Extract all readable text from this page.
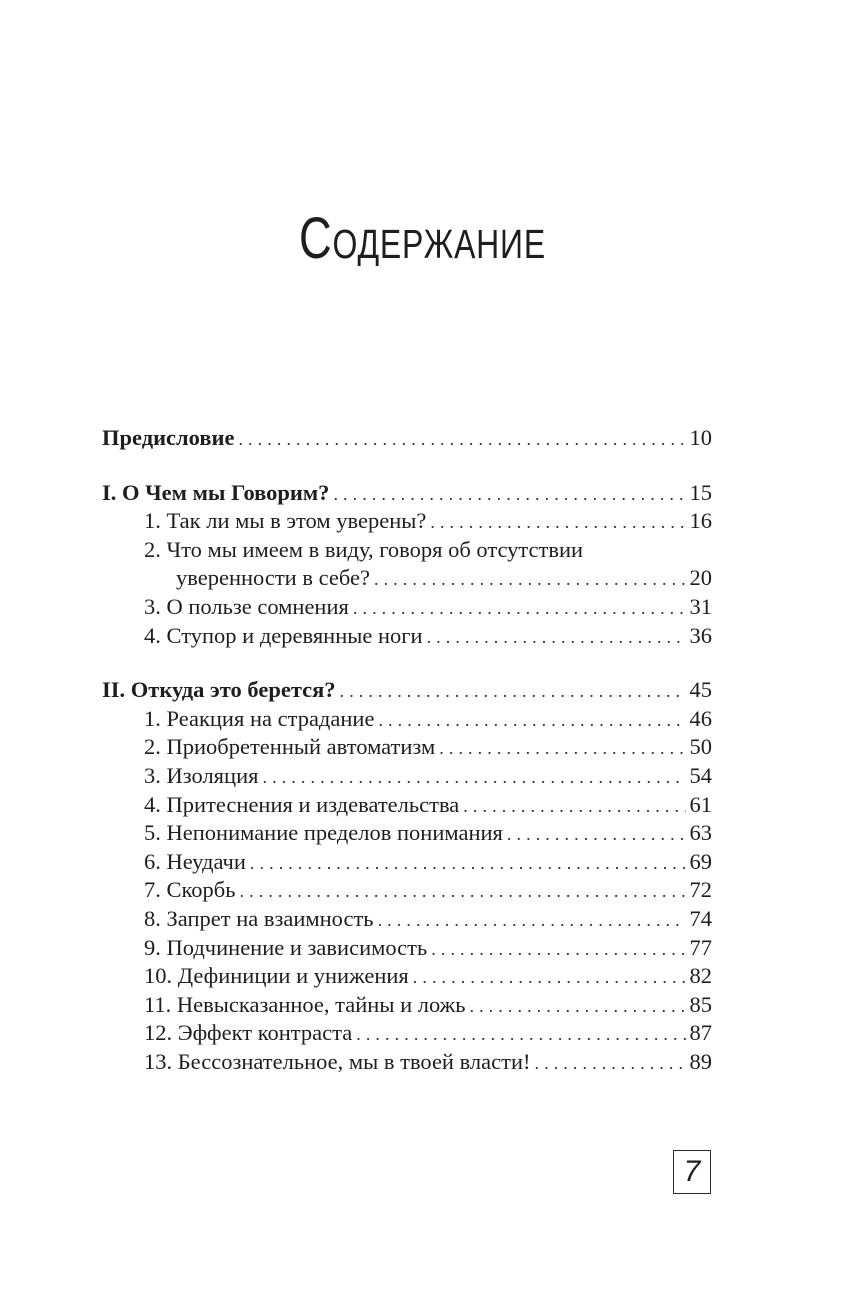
Содержание
Предисловие . . .	10
I. О Чем мы Говорим? . . .	15
1. Так ли мы в этом уверены? . . .	16
2. Что мы имеем в виду, говоря об отсутствии
уверенности в себе? . . .	20
3. О пользе сомнения . . .	31
4. Ступор и деревянные ноги . . .	36
II. Откуда это берется? . . .	45
1. Реакция на страдание . . .	46
2. Приобретенный автоматизм . . .	50
3. Изоляция . . .	54
4. Притеснения и издевательства . . .	61
5. Непонимание пределов понимания . . .	63
6. Неудачи . . .	69
7. Скорбь . . .	72
8. Запрет на взаимность . . .	74
9. Подчинение и зависимость . . .	77
10. Дефиниции и унижения . . .	82
11. Невысказанное, тайны и ложь . . .	85
12. Эффект контраста . . .	87
13. Бессознательное, мы в твоей власти! . . .	89
7
